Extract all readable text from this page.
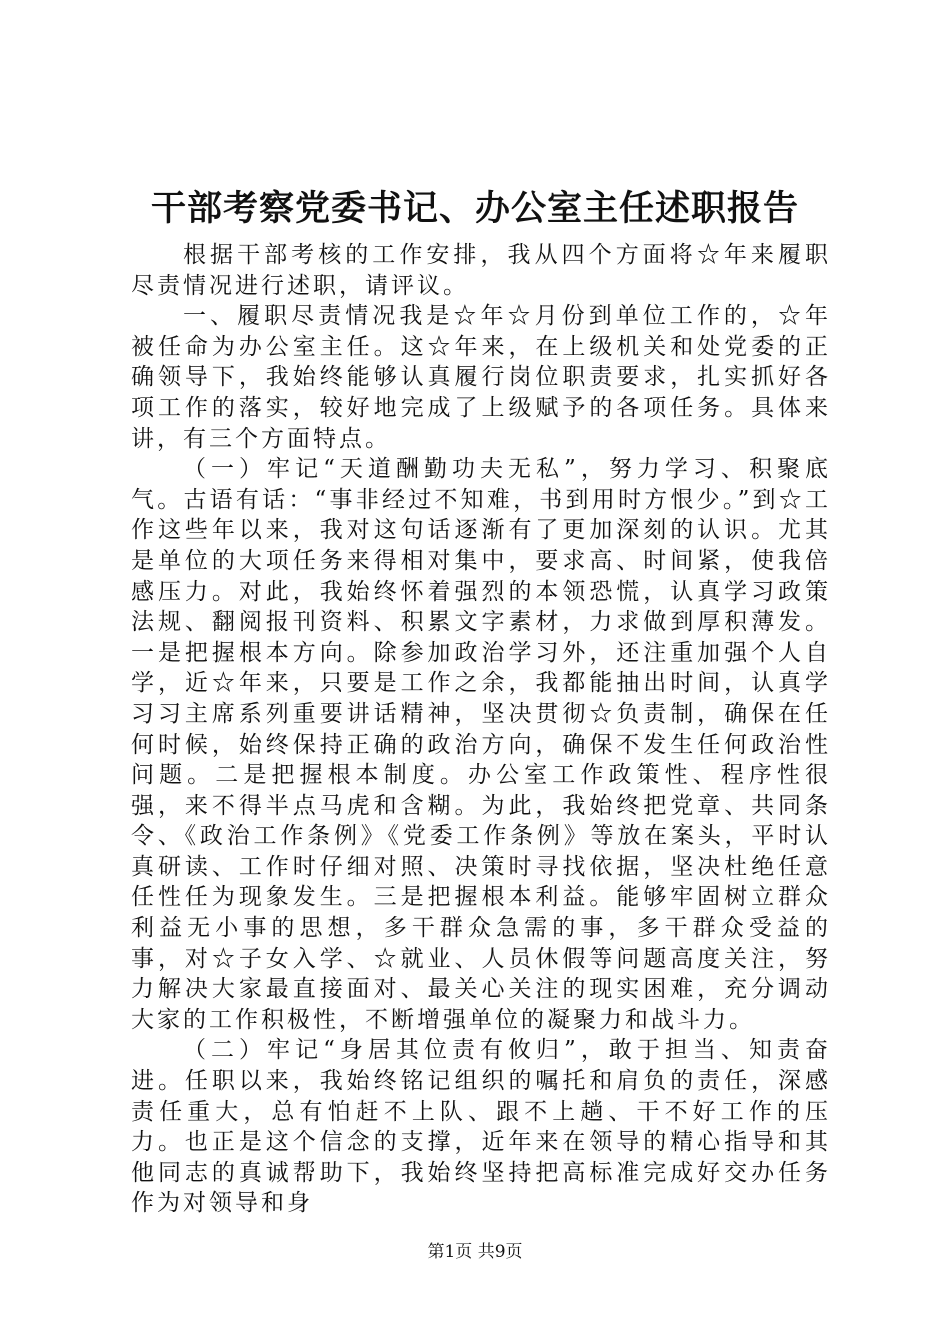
干部考察党委书记、办公室主任述职报告

根据干部考核的工作安排，我从四个方面将☆年来履职尽责情况进行述职，请评议。

一、履职尽责情况我是☆年☆月份到单位工作的，☆年被任命为办公室主任。这☆年来，在上级机关和处党委的正确领导下，我始终能够认真履行岗位职责要求，扎实抓好各项工作的落实，较好地完成了上级赋予的各项任务。具体来讲，有三个方面特点。

（一）牢记“天道酬勤功夫无私”，努力学习、积聚底气。古语有话：“事非经过不知难，书到用时方恨少。”到☆工作这些年以来，我对这句话逐渐有了更加深刻的认识。尤其是单位的大项任务来得相对集中，要求高、时间紧，使我倍感压力。对此，我始终怀着强烈的本领恐慌，认真学习政策法规、翻阅报刊资料、积累文字素材，力求做到厚积薄发。一是把握根本方向。除参加政治学习外，还注重加强个人自学，近☆年来，只要是工作之余，我都能抽出时间，认真学习习主席系列重要讲话精神，坚决贯彻☆负责制，确保在任何时候，始终保持正确的政治方向，确保不发生任何政治性问题。二是把握根本制度。办公室工作政策性、程序性很强，来不得半点马虎和含糊。为此，我始终把党章、共同条令、《政治工作条例》《党委工作条例》等放在案头，平时认真研读、工作时仔细对照、决策时寻找依据，坚决杜绝任意任性任为现象发生。三是把握根本利益。能够牢固树立群众利益无小事的思想，多干群众急需的事，多干群众受益的事，对☆子女入学、☆就业、人员休假等问题高度关注，努力解决大家最直接面对、最关心关注的现实困难，充分调动大家的工作积极性，不断增强单位的凝聚力和战斗力。

（二）牢记“身居其位责有攸归”，敢于担当、知责奋进。任职以来，我始终铭记组织的嘱托和肩负的责任，深感责任重大，总有怕赶不上队、跟不上趟、干不好工作的压力。也正是这个信念的支撑，近年来在领导的精心指导和其他同志的真诚帮助下，我始终坚持把高标准完成好交办任务作为对领导和身

第1页 共9页
